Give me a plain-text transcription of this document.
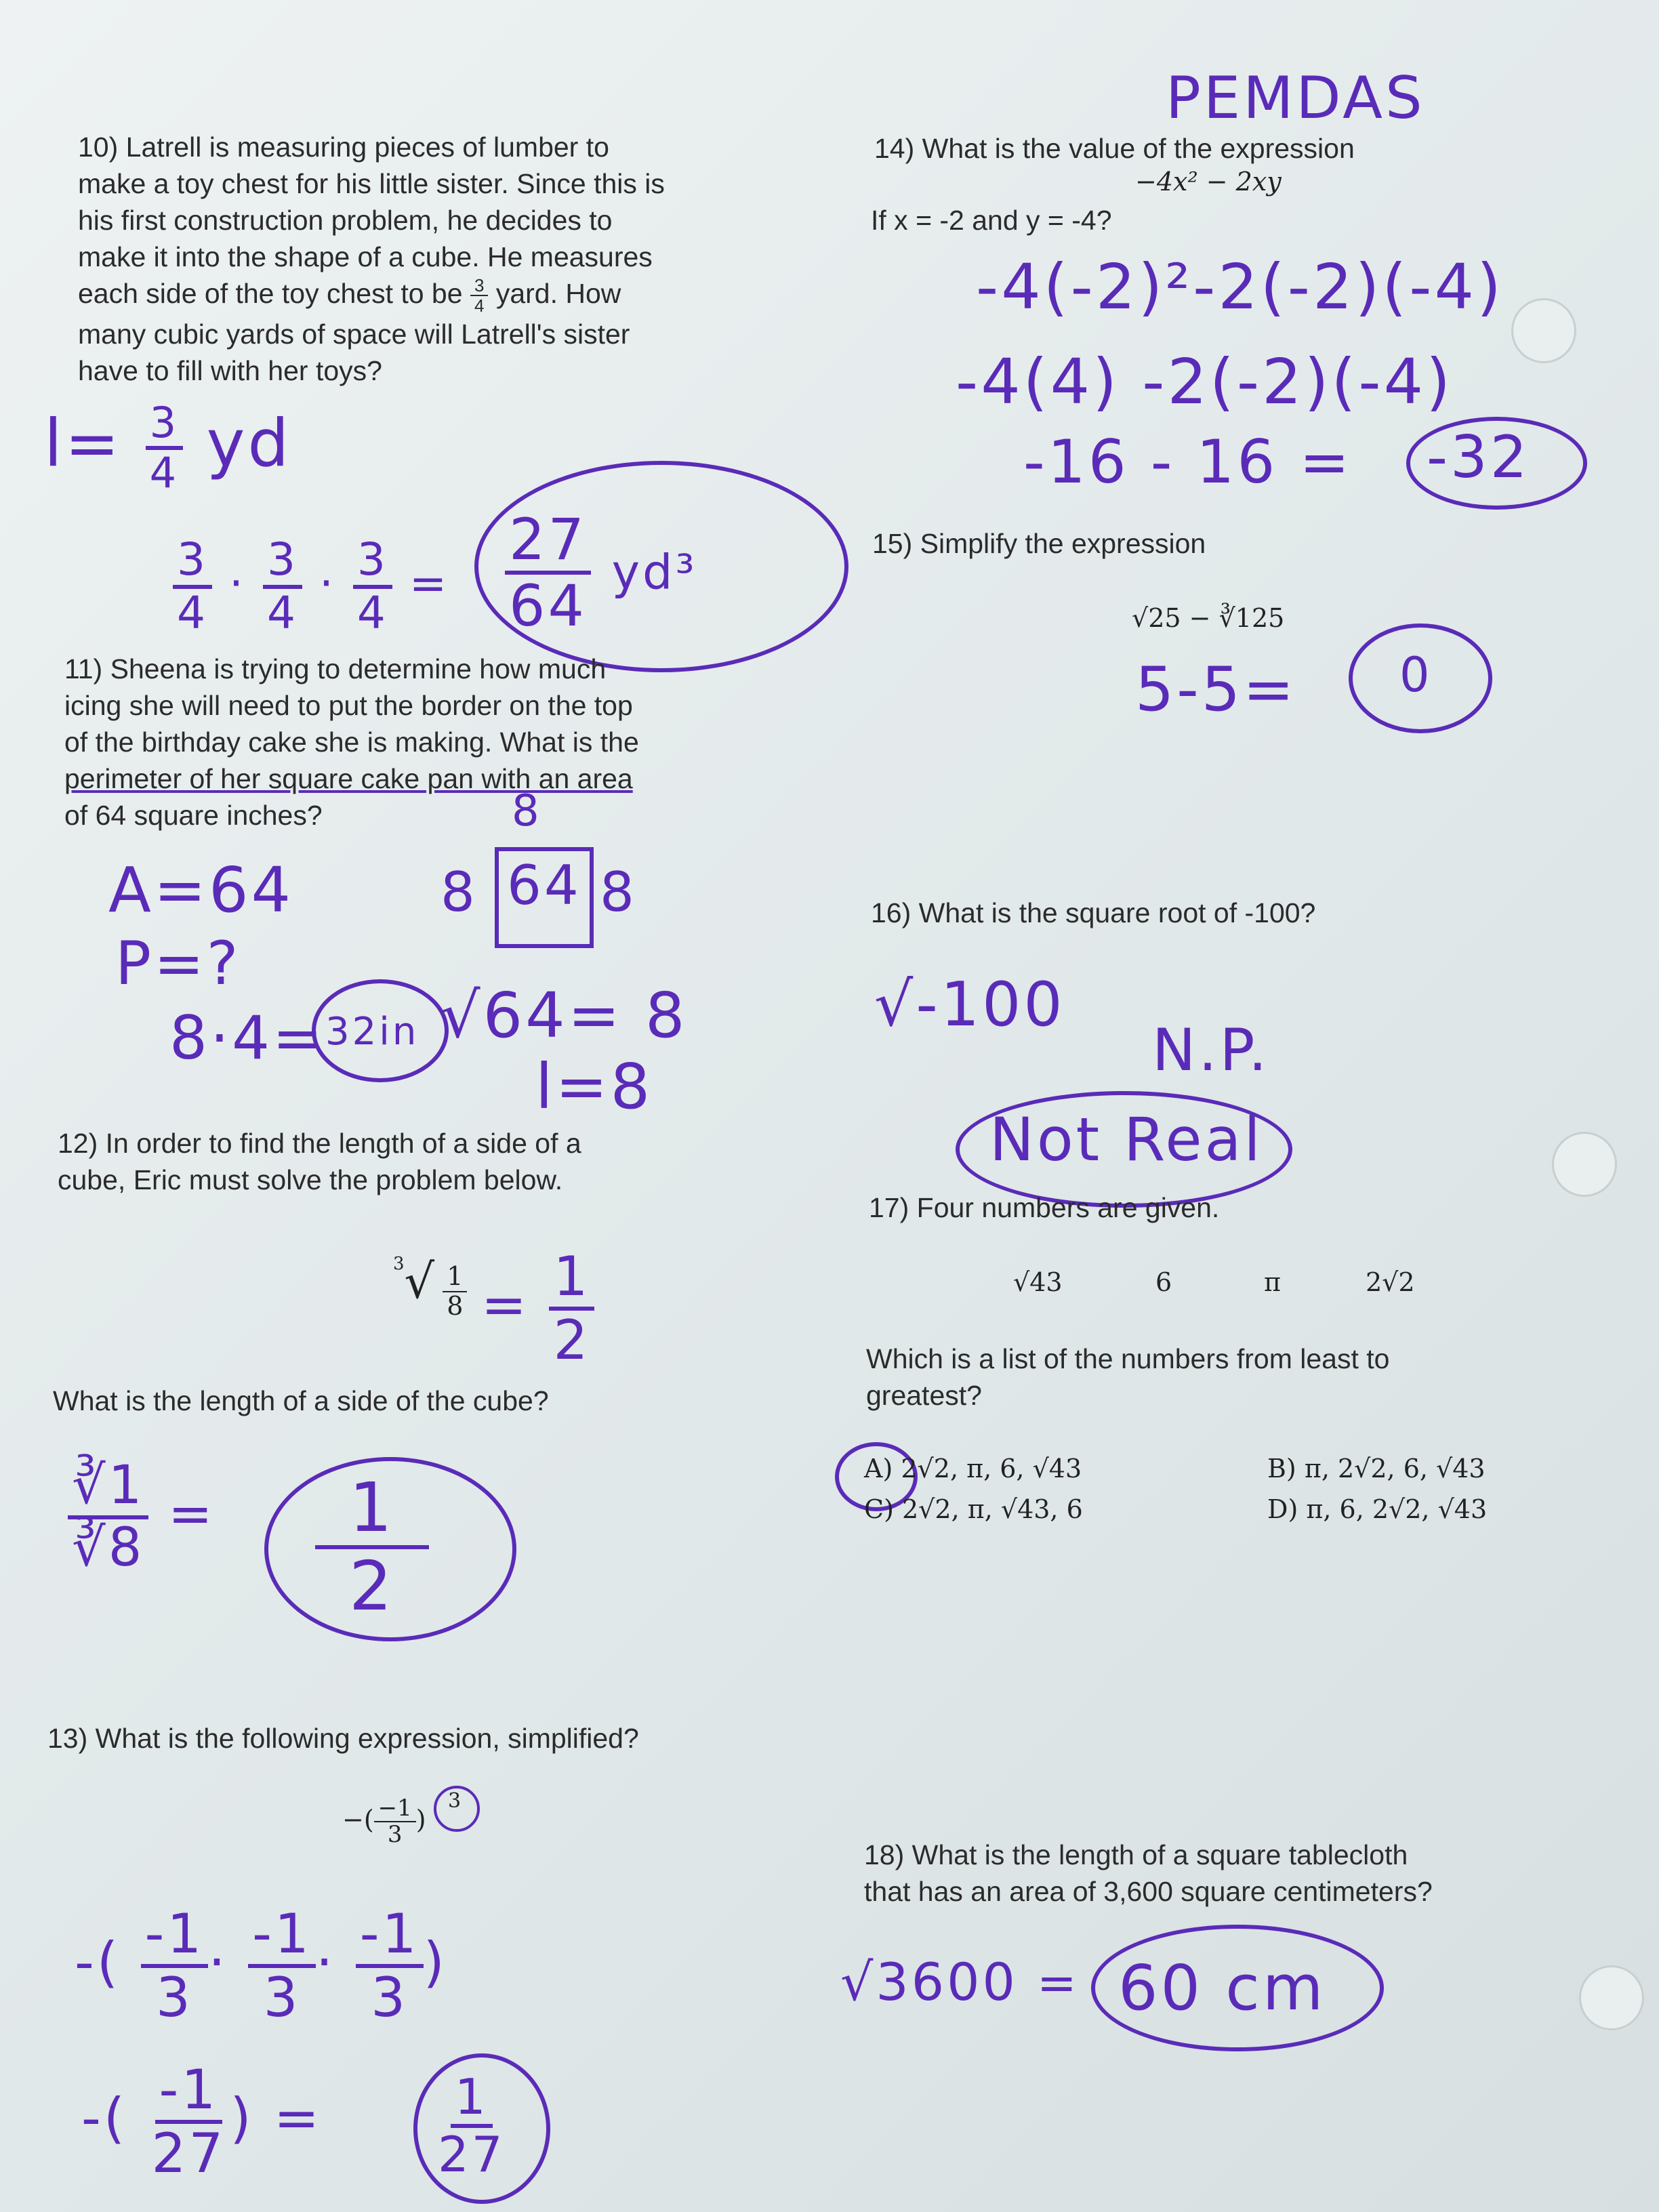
PEMDAS

10) Latrell is measuring pieces of lumber to

make a toy chest for his little sister. Since this is

his first construction problem, he decides to

make it into the shape of a cube. He measures

each side of the toy chest to be $\frac{3}{4}$ yard. How

many cubic yards of space will Latrell's sister

have to fill with her toys?

$l= \frac{3}{4}$ yd
$\frac{3}{4} \cdot \frac{3}{4} \cdot \frac{3}{4} = \frac{27}{64} yd^3$

11) Sheena is trying to determine how much

icing she will need to put the border on the top

of the birthday cake she is making. What is the

perimeter of her square cake pan with an area

of 64 square inches?

A=64
P=?
8·4= 32in √64= 8
l=8
8 8
8
64

12) In order to find the length of a side of a

cube, Eric must solve the problem below.

$^3√ \frac{1}{8} = \frac{1}{2}$
What is the length of a side of the cube?
$\frac{∛1}{∛8} = \frac{1}{2}$
13) What is the following expression, simplified?
−( $\frac{-1}{3}$ )
3
-( $\frac{-1}{3} \cdot \frac{-1}{3} \cdot \frac{-1}{3}$ )
-( $\frac{-1}{27}$ ) = $\frac{1}{27}$

14) What is the value of the expression

−4x² − 2xy
If x = -2 and y = -4?
-4(-2)²-2(-2)(-4)
-4(4) -2(-2)(-4)
-16 - 16 = -32
15) Simplify the expression
√25 − ∛125
5-5= 0
16) What is the square root of -100?
√-100
N.P.
Not Real
17) Four numbers are given.
√43	6	π	2√2

Which is a list of the numbers from least to

greatest?

A) 2√2, π, 6, √43	B) π, 2√2, 6, √43
C) 2√2, π, √43, 6	D) π, 6, 2√2, √43

18) What is the length of a square tablecloth

that has an area of 3,600 square centimeters?

√3600 = 60 cm
